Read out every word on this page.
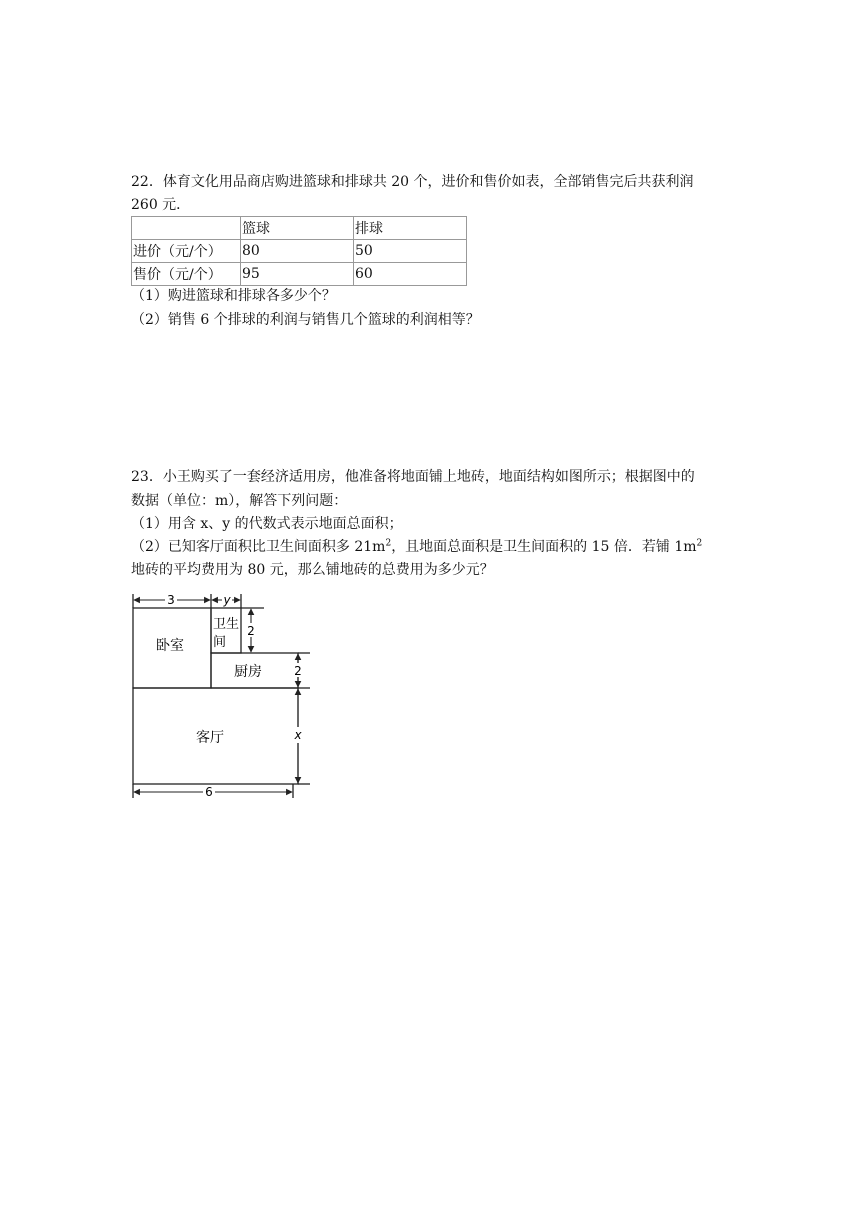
22．体育文化用品商店购进篮球和排球共 20 个，进价和售价如表，全部销售完后共获利润
260 元．
	篮球	排球
进价（元/个）	80	50
售价（元/个）	95	60
（1）购进篮球和排球各多少个？
（2）销售 6 个排球的利润与销售几个篮球的利润相等？
23．小王购买了一套经济适用房，他准备将地面铺上地砖，地面结构如图所示；根据图中的
数据（单位：m），解答下列问题：
（1）用含 x、y 的代数式表示地面总面积；
（2）已知客厅面积比卫生间面积多 $21m^2$，且地面总面积是卫生间面积的 15 倍．若铺 $1m^2$
地砖的平均费用为 80 元，那么铺地砖的总费用为多少元？
3	y
2
2
x
6
卧室
卫生
间
厨房
客厅
